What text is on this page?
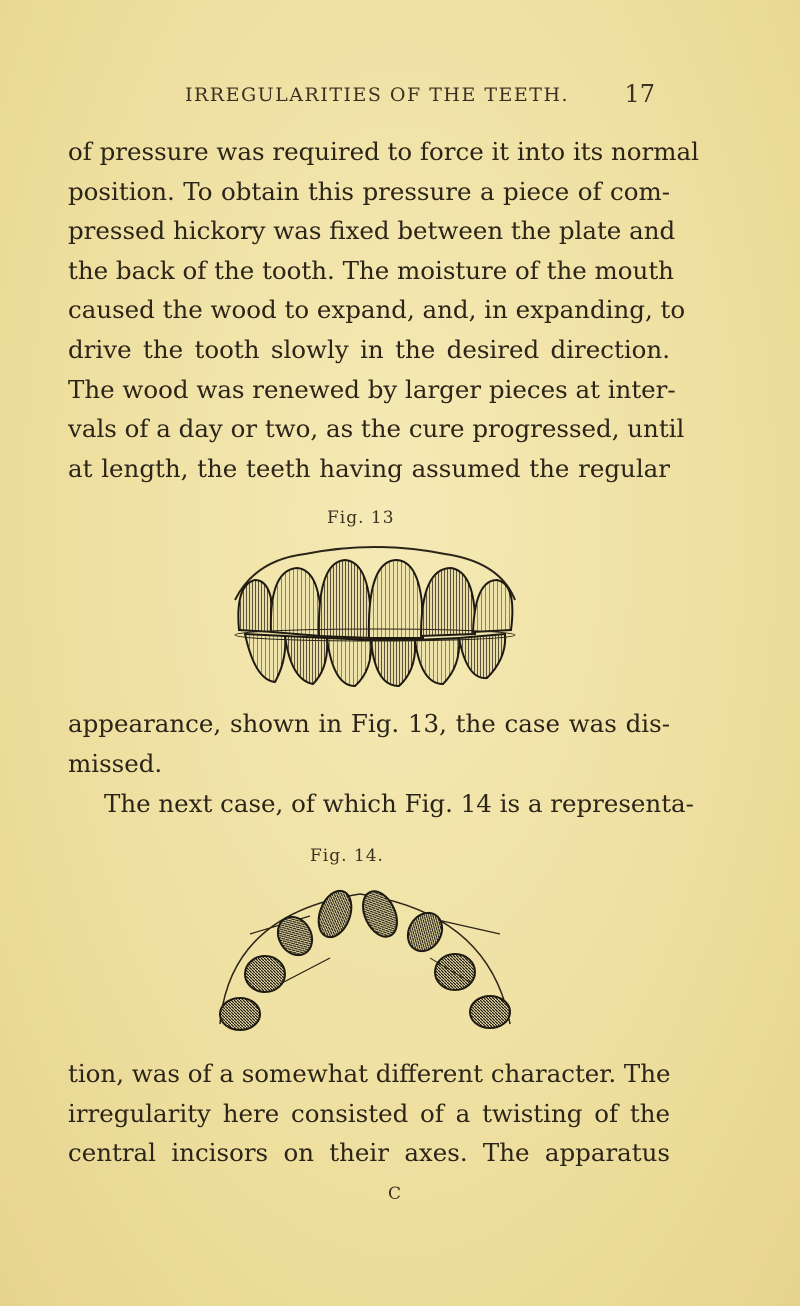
IRREGULARITIES OF THE TEETH. 17
of pressure was required to force it into its normal
position. To obtain this pressure a piece of com-
pressed hickory was fixed between the plate and
the back of the tooth. The moisture of the mouth
caused the wood to expand, and, in expanding, to
drive the tooth slowly in the desired direction.
The wood was renewed by larger pieces at inter-
vals of a day or two, as the cure progressed, until
at length, the teeth having assumed the regular
Fig. 13
appearance, shown in Fig. 13, the case was dis-
missed.
The next case, of which Fig. 14 is a representa-
Fig. 14.
tion, was of a somewhat different character. The
irregularity here consisted of a twisting of the
central incisors on their axes. The apparatus
C
